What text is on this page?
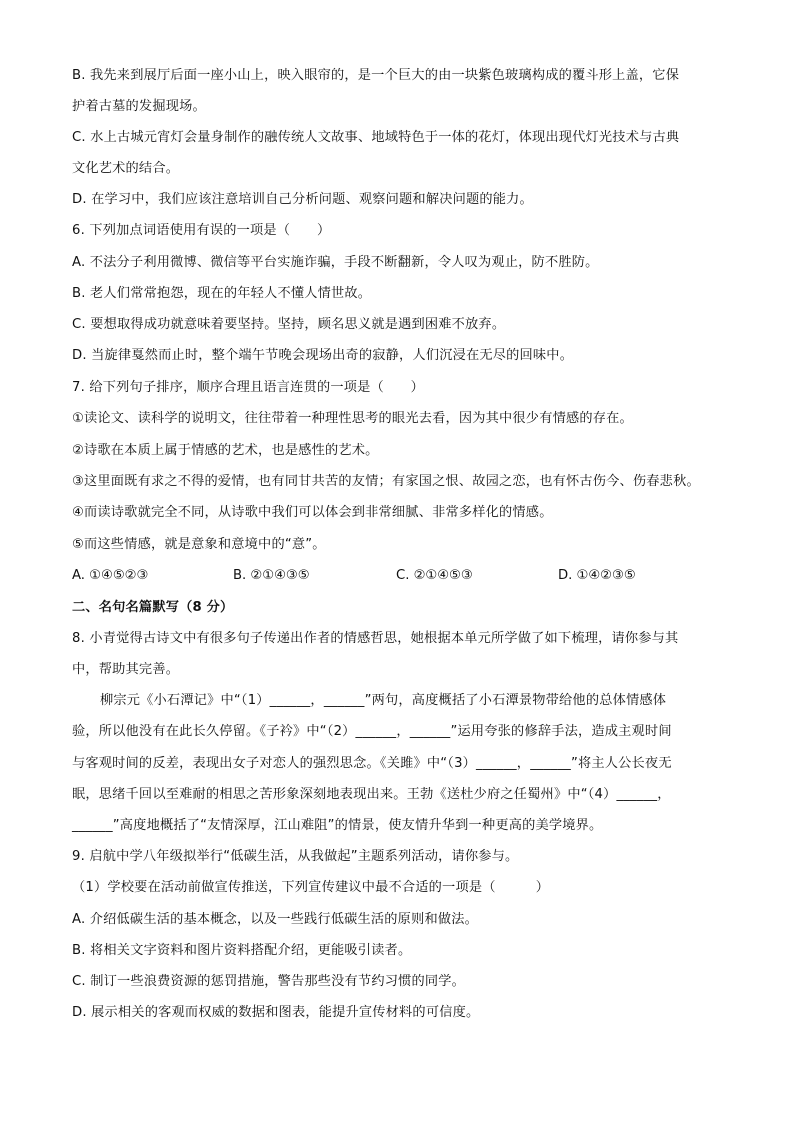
B. 我先来到展厅后面一座小山上，映入眼帘的，是一个巨大的由一块紫色玻璃构成的覆斗形上盖，它保
护着古墓的发掘现场。
C. 水上古城元宵灯会量身制作的融传统人文故事、地域特色于一体的花灯，体现出现代灯光技术与古典
文化艺术的结合。
D. 在学习中，我们应该注意培训自己分析问题、观察问题和解决问题的能力。
6. 下列加点词语使用有误的一项是（　　）
A. 不法分子利用微博、微信等平台实施诈骗，手段不断翻新，令人叹为观止，防不胜防。
B. 老人们常常抱怨，现在的年轻人不懂人情世故。
C. 要想取得成功就意味着要坚持。坚持，顾名思义就是遇到困难不放弃。
D. 当旋律戛然而止时，整个端午节晚会现场出奇的寂静，人们沉浸在无尽的回味中。
7. 给下列句子排序，顺序合理且语言连贯的一项是（　　）
①读论文、读科学的说明文，往往带着一种理性思考的眼光去看，因为其中很少有情感的存在。
②诗歌在本质上属于情感的艺术，也是感性的艺术。
③这里面既有求之不得的爱情，也有同甘共苦的友情；有家国之恨、故园之恋，也有怀古伤今、伤春悲秋。
④而读诗歌就完全不同，从诗歌中我们可以体会到非常细腻、非常多样化的情感。
⑤而这些情感，就是意象和意境中的“意”。
A. ①④⑤②③	B. ②①④③⑤	C. ②①④⑤③	D. ①④②③⑤
二、名句名篇默写（8 分）
8. 小青觉得古诗文中有很多句子传递出作者的情感哲思，她根据本单元所学做了如下梳理，请你参与其
中，帮助其完善。
柳宗元《小石潭记》中“（1）______，______”两句，高度概括了小石潭景物带给他的总体情感体
验，所以他没有在此长久停留。《子衿》中“（2）______，______”运用夸张的修辞手法，造成主观时间
与客观时间的反差，表现出女子对恋人的强烈思念。《关雎》中“（3）______，______”将主人公长夜无
眠，思绪千回以至难耐的相思之苦形象深刻地表现出来。王勃《送杜少府之任蜀州》中“（4）______，
______”高度地概括了“友情深厚，江山难阻”的情景，使友情升华到一种更高的美学境界。
9. 启航中学八年级拟举行“低碳生活，从我做起”主题系列活动，请你参与。
（1）学校要在活动前做宣传推送，下列宣传建议中最不合适的一项是（　　　）
A. 介绍低碳生活的基本概念，以及一些践行低碳生活的原则和做法。
B. 将相关文字资料和图片资料搭配介绍，更能吸引读者。
C. 制订一些浪费资源的惩罚措施，警告那些没有节约习惯的同学。
D. 展示相关的客观而权威的数据和图表，能提升宣传材料的可信度。
